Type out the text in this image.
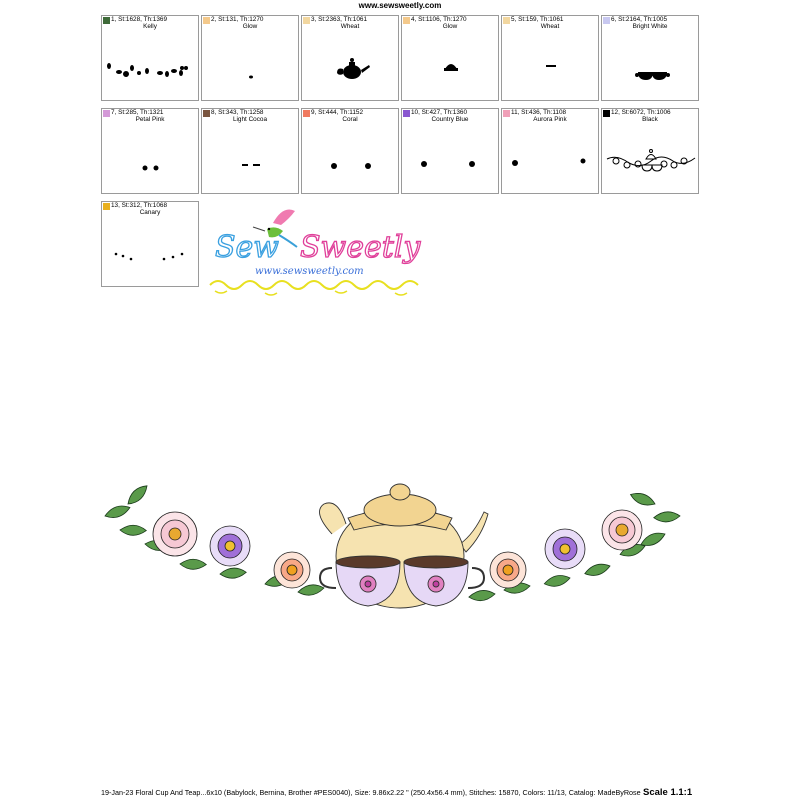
www.sewsweetly.com
1, St:1628, Th:1369
Kelly
2, St:131, Th:1270
Glow
3, St:2363, Th:1061
Wheat
4, St:1106, Th:1270
Glow
5, St:159, Th:1061
Wheat
6, St:2164, Th:1005
Bright White
7, St:285, Th:1321
Petal Pink
8, St:343, Th:1258
Light Cocoa
9, St:444, Th:1152
Coral
10, St:427, Th:1360
Country Blue
11, St:436, Th:1108
Aurora Pink
12, St:6072, Th:1006
Black
13, St:312, Th:1068
Canary
Sew Sweetly
www.sewsweetly.com
19-Jan-23 Floral Cup And Teap...6x10 (Babylock, Bernina, Brother #PES0040), Size: 9.86x2.22 " (250.4x56.4 mm), Stitches: 15870, Colors: 11/13, Catalog: MadeByRose Scale 1.1:1
